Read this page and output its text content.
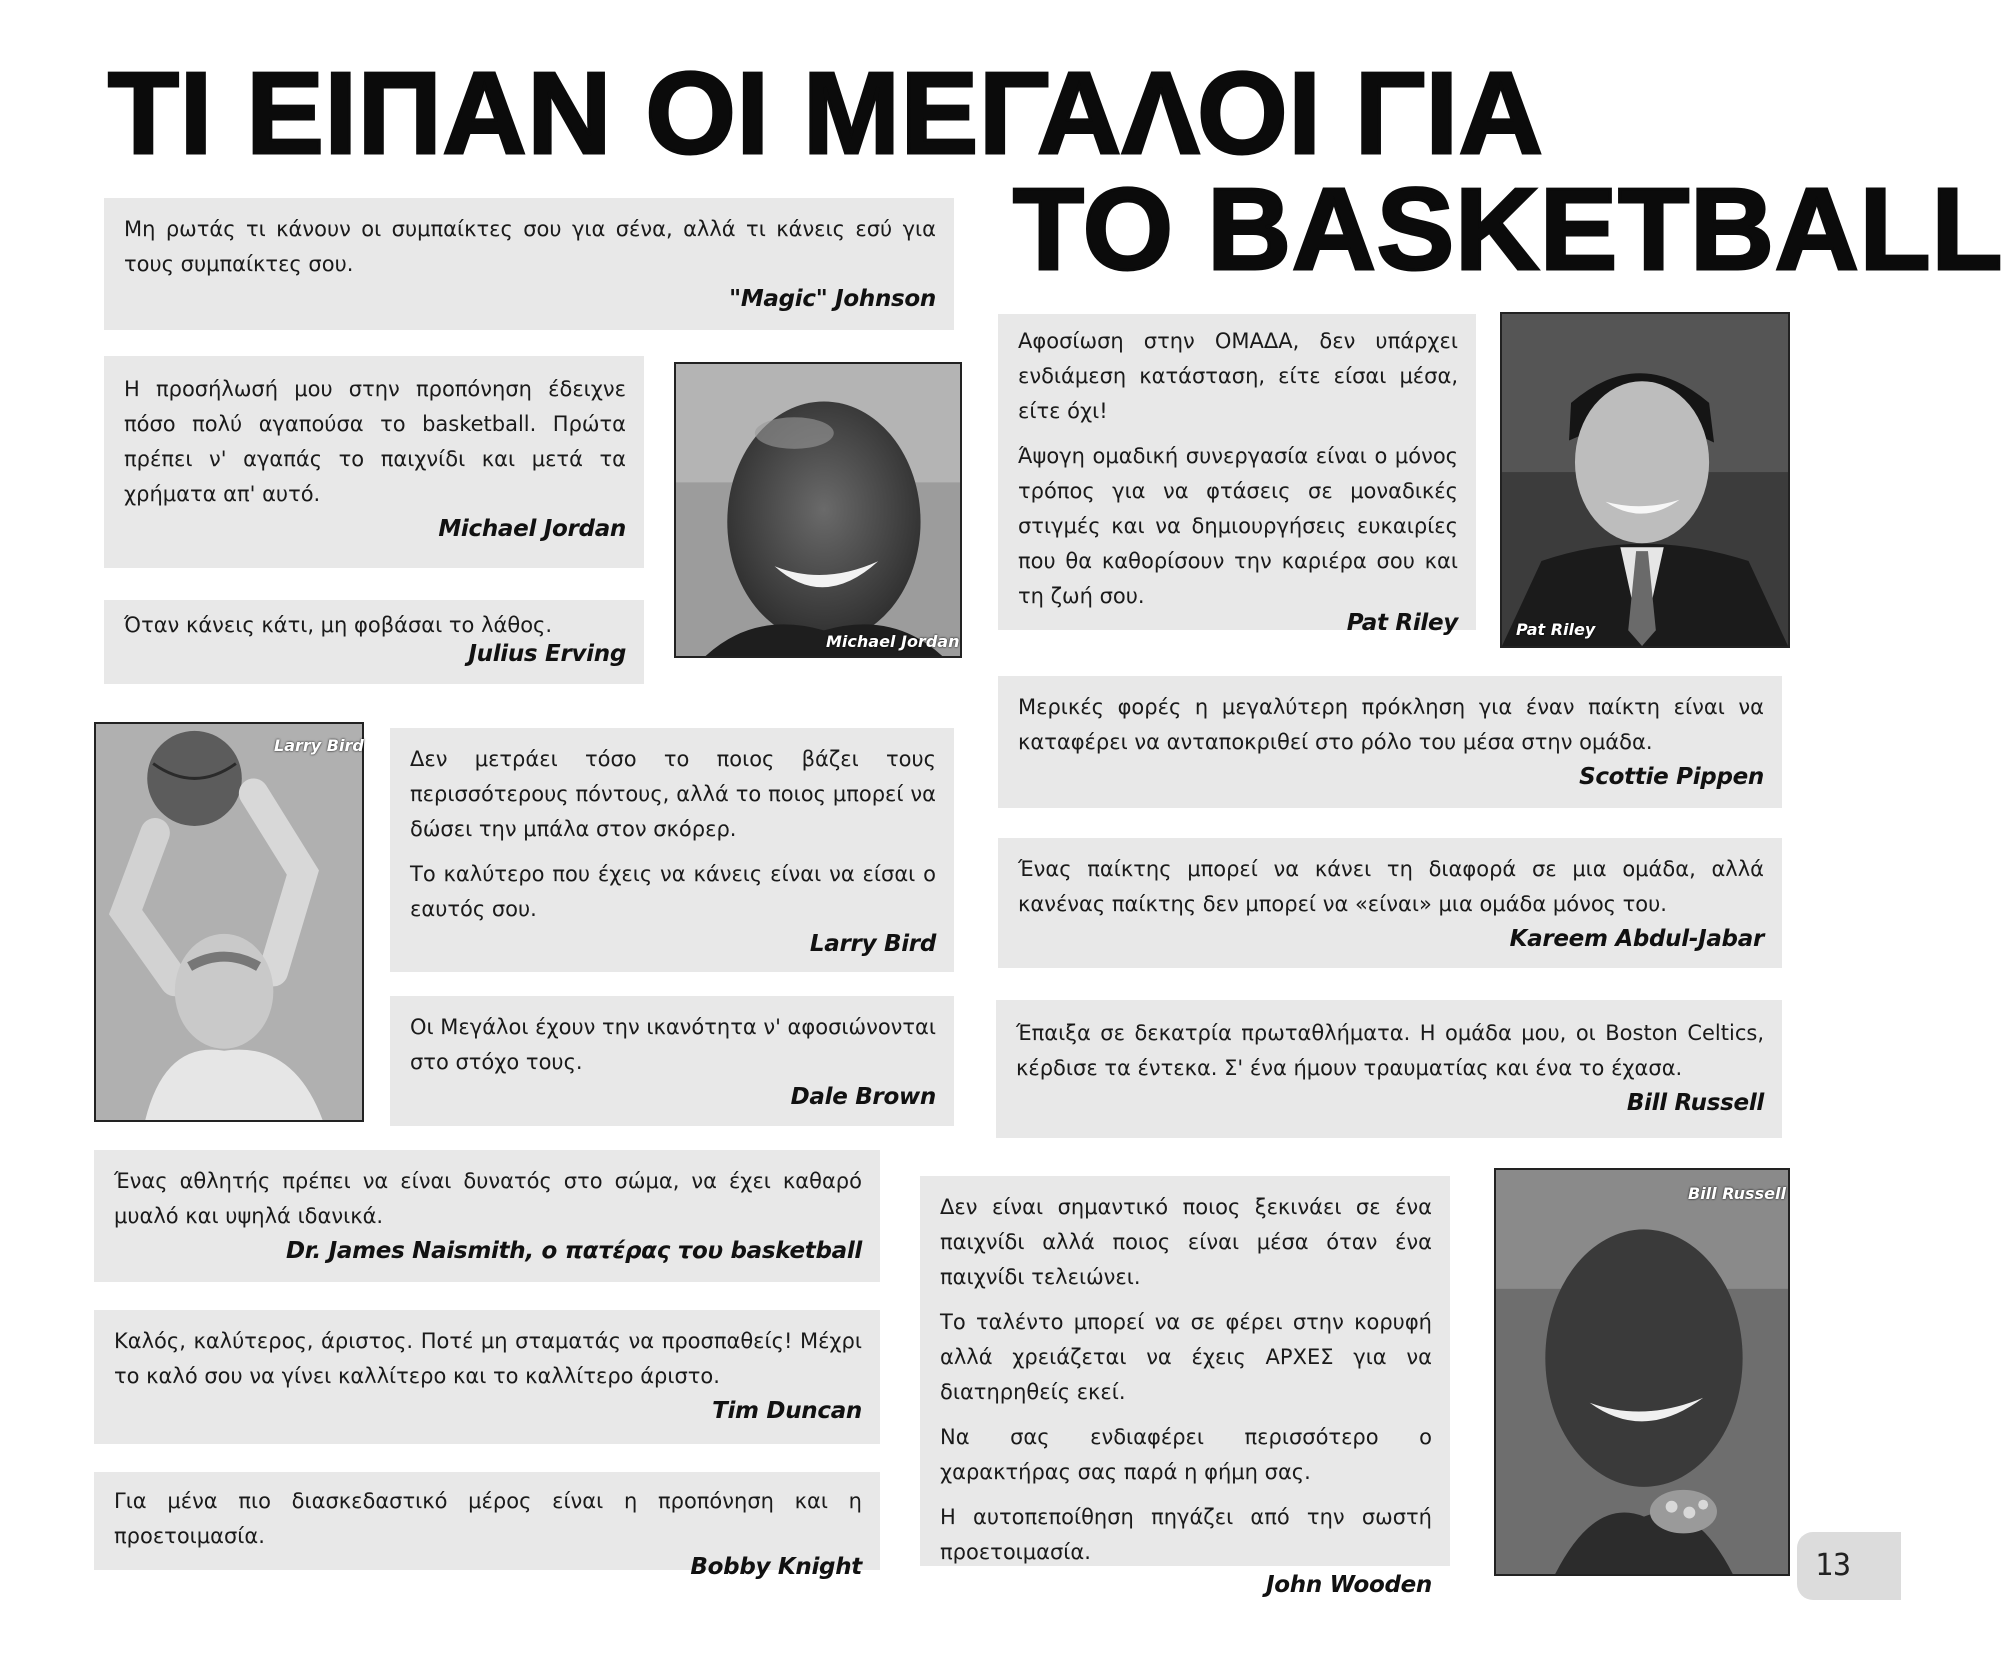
ΤΙ ΕΙΠΑΝ ΟΙ ΜΕΓΑΛΟΙ ΓΙΑ
ΤΟ BASKETBALL

Μη ρωτάς τι κάνουν οι συμπαίκτες σου για σένα, αλλά τι κάνεις εσύ για τους συμπαίκτες σου.

"Magic" Johnson

Η προσήλωσή μου στην προπόνηση έδειχνε πόσο πολύ αγαπούσα το basketball. Πρώτα πρέπει ν' αγαπάς το παιχνίδι και μετά τα χρήματα απ' αυτό.

Michael Jordan

Όταν κάνεις κάτι, μη φοβάσαι το λάθος.

Julius Erving

Δεν μετράει τόσο το ποιος βάζει τους περισσότερους πόντους, αλλά το ποιος μπορεί να δώσει την μπάλα στον σκόρερ.

Το καλύτερο που έχεις να κάνεις είναι να είσαι ο εαυτός σου.

Larry Bird

Οι Μεγάλοι έχουν την ικανότητα ν' αφοσιώνονται στο στόχο τους.

Dale Brown

Ένας αθλητής πρέπει να είναι δυνατός στο σώμα, να έχει καθαρό μυαλό και υψηλά ιδανικά.

Dr. James Naismith, ο πατέρας του basketball

Καλός, καλύτερος, άριστος. Ποτέ μη σταματάς να προσπαθείς! Μέχρι το καλό σου να γίνει καλλίτερο και το καλλίτερο άριστο.

Tim Duncan

Για μένα πιο διασκεδαστικό μέρος είναι η προπόνηση και η προετοιμασία.

Bobby Knight

Αφοσίωση στην ΟΜΑΔΑ, δεν υπάρχει ενδιάμεση κατάσταση, είτε είσαι μέσα, είτε όχι!

Άψογη ομαδική συνεργασία είναι ο μόνος τρόπος για να φτάσεις σε μοναδικές στιγμές και να δημιουργήσεις ευκαιρίες που θα καθορίσουν την καριέρα σου και τη ζωή σου.

Pat Riley

Μερικές φορές η μεγαλύτερη πρόκληση για έναν παίκτη είναι να καταφέρει να ανταποκριθεί στο ρόλο του μέσα στην ομάδα.

Scottie Pippen

Ένας παίκτης μπορεί να κάνει τη διαφορά σε μια ομάδα, αλλά κανένας παίκτης δεν μπορεί να «είναι» μια ομάδα μόνος του.

Kareem Abdul-Jabar

Έπαιξα σε δεκατρία πρωταθλήματα. Η ομάδα μου, οι Boston Celtics, κέρδισε τα έντεκα. Σ' ένα ήμουν τραυματίας και ένα το έχασα.

Bill Russell

Δεν είναι σημαντικό ποιος ξεκινάει σε ένα παιχνίδι αλλά ποιος είναι μέσα όταν ένα παιχνίδι τελειώνει.

Το ταλέντο μπορεί να σε φέρει στην κορυφή αλλά χρειάζεται να έχεις ΑΡΧΕΣ για να διατηρηθείς εκεί.

Να σας ενδιαφέρει περισσότερο ο χαρακτήρας σας παρά η φήμη σας.

Η αυτοπεποίθηση πηγάζει από την σωστή προετοιμασία.

John Wooden
Michael Jordan
Pat Riley
Larry Bird
Bill Russell
13
